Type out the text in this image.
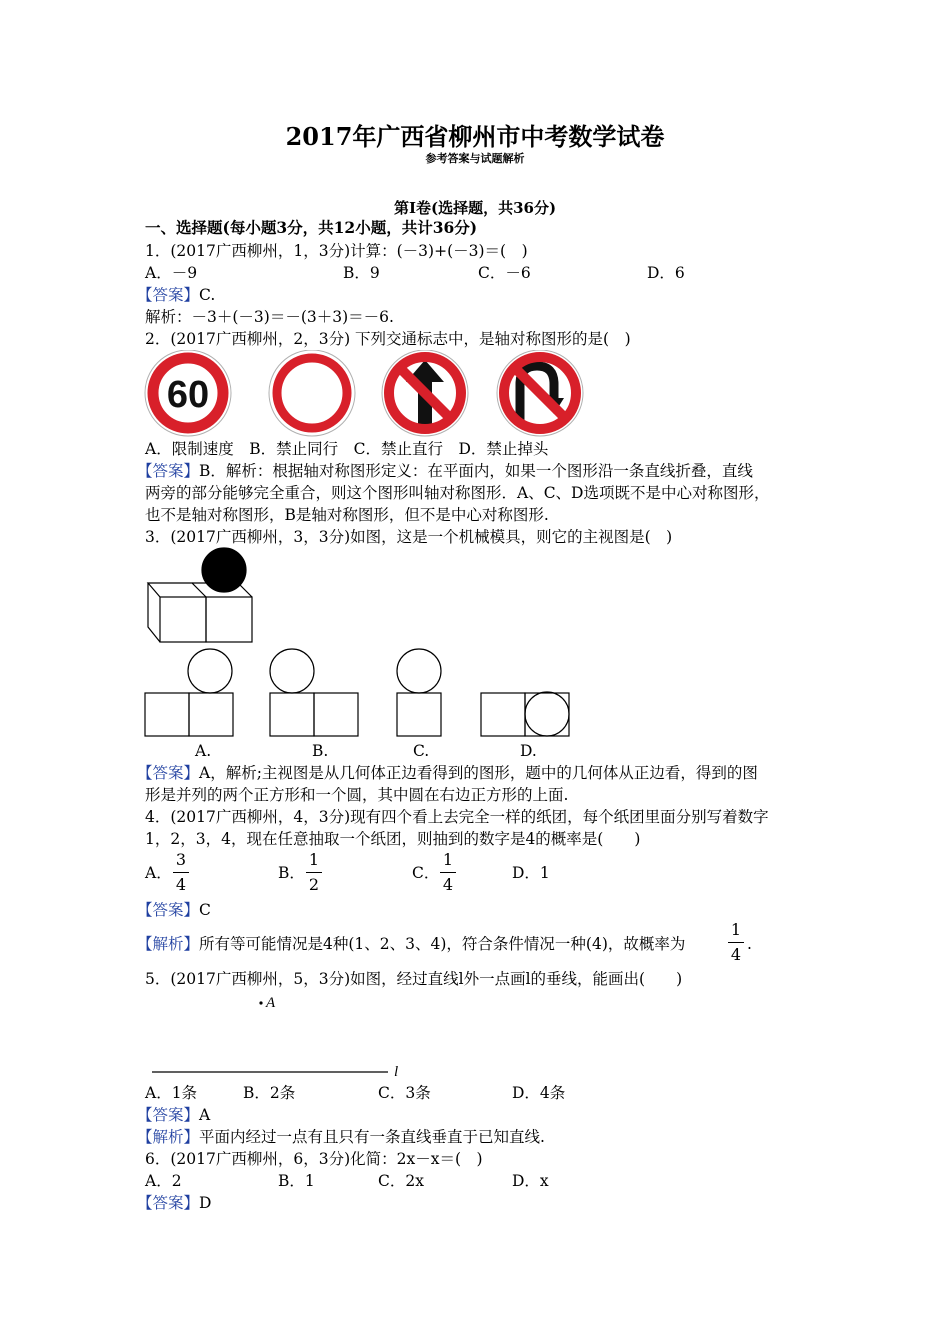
2017年广西省柳州市中考数学试卷
参考答案与试题解析
第I卷(选择题，共36分)
一、选择题(每小题3分，共12小题，共计36分)
1．(2017广西柳州，1，3分)计算：(－3)+(－3)＝(　)
A．－9	B．9	C．－6	D．6
【答案】C.
解析：－3＋(－3)＝－(3＋3)＝－6.
2．(2017广西柳州，2，3分) 下列交通标志中，是轴对称图形的是(　)
60
A．限制速度　B．禁止同行　C．禁止直行　D．禁止掉头
【答案】B．解析：根据轴对称图形定义：在平面内，如果一个图形沿一条直线折叠，直线
两旁的部分能够完全重合，则这个图形叫轴对称图形．A、C、D选项既不是中心对称图形，
也不是轴对称图形，B是轴对称图形，但不是中心对称图形.
3．(2017广西柳州，3，3分)如图，这是一个机械模具，则它的主视图是(　)
A.	B.	C.	D.
【答案】A，解析;主视图是从几何体正边看得到的图形，题中的几何体从正边看，得到的图
形是并列的两个正方形和一个圆，其中圆在右边正方形的上面.
4．(2017广西柳州，4，3分)现有四个看上去完全一样的纸团，每个纸团里面分别写着数字
1，2，3，4，现在任意抽取一个纸团，则抽到的数字是4的概率是(　　)
A．
3
4
B．
1
2
C．
1
4
D．1
【答案】C
【解析】所有等可能情况是4种(1、2、3、4)，符合条件情况一种(4)，故概率为
1
4
.
5．(2017广西柳州，5，3分)如图，经过直线l外一点画l的垂线，能画出(　　)
A
l
A．1条	B．2条	C．3条	D．4条
【答案】A
【解析】平面内经过一点有且只有一条直线垂直于已知直线.
6．(2017广西柳州，6，3分)化简：2x－x＝(　)
A．2	B．1	C．2x	D．x
【答案】D
